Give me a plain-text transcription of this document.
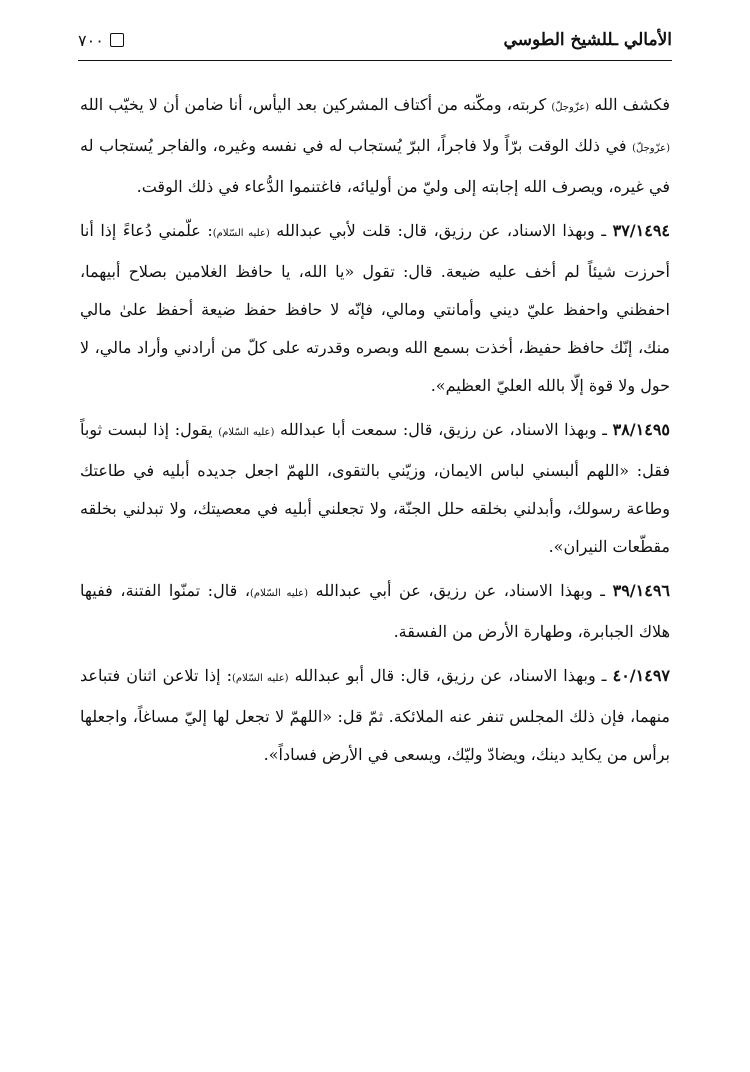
الأمالي ـللشيخ الطوسي
٧٠٠

فكشف الله (عزّوجلّ) كربته، ومكّنه من أكتاف المشركين بعد اليأس، أنا ضامن أن لا يخيّب الله (عزّوجلّ) في ذلك الوقت برّاً ولا فاجراً، البرّ يُستجاب له في نفسه وغيره، والفاجر يُستجاب له في غيره، ويصرف الله إجابته إلى وليّ من أوليائه، فاغتنموا الدُّعاء في ذلك الوقت.

٣٧/١٤٩٤ ـ وبهذا الاسناد، عن رزيق، قال: قلت لأبي عبدالله (عليه السّلام): علّمني دُعاءً إذا أنا أحرزت شيئاً لم أخف عليه ضيعة. قال: تقول «يا الله، يا حافظ الغلامين بصلاح أبيهما، احفظني واحفظ عليّ ديني وأمانتي ومالي، فإنّه لا حافظ حفظ ضيعة أحفظ علىٰ مالي منك، إنّك حافظ حفيظ، أخذت بسمع الله وبصره وقدرته على كلّ من أرادني وأراد مالي، لا حول ولا قوة إلّا بالله العليّ العظيم».

٣٨/١٤٩٥ ـ وبهذا الاسناد، عن رزيق، قال: سمعت أبا عبدالله (عليه السّلام) يقول: إذا لبست ثوباً فقل: «اللهم ألبسني لباس الايمان، وزيّني بالتقوى، اللهمّ اجعل جديده أبليه في طاعتك وطاعة رسولك، وأبدلني بخلقه حلل الجنّة، ولا تجعلني أبليه في معصيتك، ولا تبدلني بخلقه مقطّعات النيران».

٣٩/١٤٩٦ ـ وبهذا الاسناد، عن رزيق، عن أبي عبدالله (عليه السّلام)، قال: تمنّوا الفتنة، ففيها هلاك الجبابرة، وطهارة الأرض من الفسقة.

٤٠/١٤٩٧ ـ وبهذا الاسناد، عن رزيق، قال: قال أبو عبدالله (عليه السّلام): إذا تلاعن اثنان فتباعد منهما، فإن ذلك المجلس تنفر عنه الملائكة. ثمّ قل: «اللهمّ لا تجعل لها إليّ مساغاً، واجعلها برأس من يكايد دينك، ويضادّ وليّك، ويسعى في الأرض فساداً».
